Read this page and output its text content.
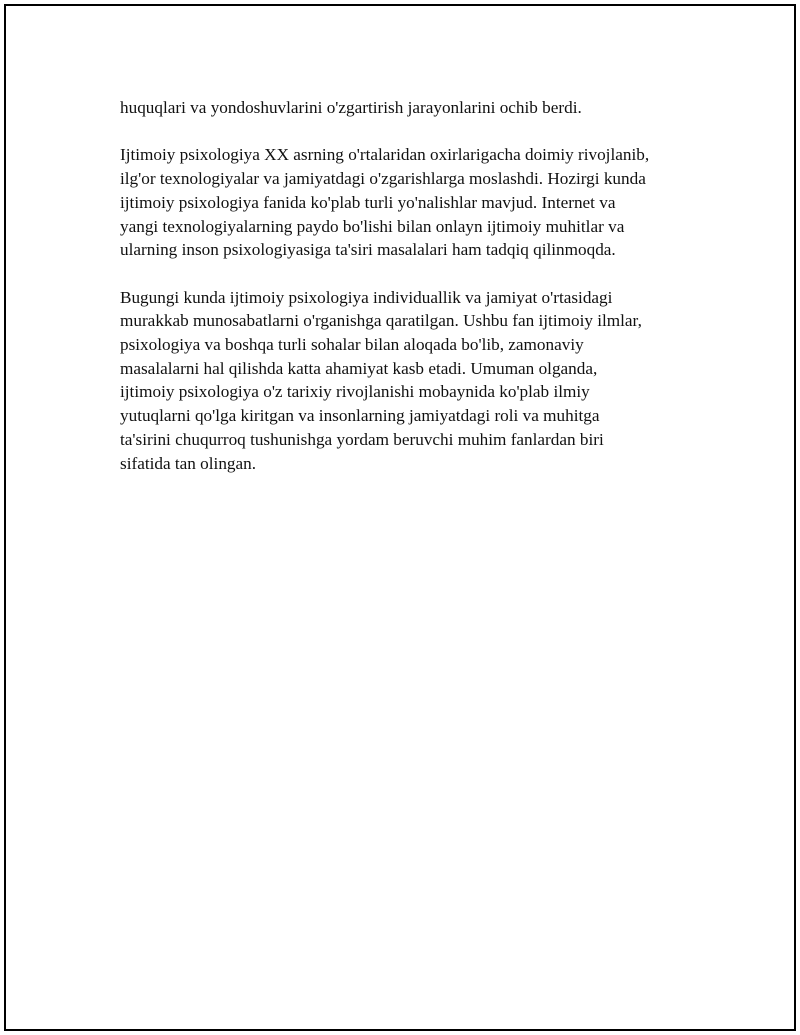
huquqlari va yondoshuvlarini o'zgartirish jarayonlarini ochib berdi.

Ijtimoiy psixologiya XX asrning o'rtalaridan oxirlarigacha doimiy rivojlanib,
ilg'or texnologiyalar va jamiyatdagi o'zgarishlarga moslashdi. Hozirgi kunda
ijtimoiy psixologiya fanida ko'plab turli yo'nalishlar mavjud. Internet va
yangi texnologiyalarning paydo bo'lishi bilan onlayn ijtimoiy muhitlar va
ularning inson psixologiyasiga ta'siri masalalari ham tadqiq qilinmoqda.

Bugungi kunda ijtimoiy psixologiya individuallik va jamiyat o'rtasidagi
murakkab munosabatlarni o'rganishga qaratilgan. Ushbu fan ijtimoiy ilmlar,
psixologiya va boshqa turli sohalar bilan aloqada bo'lib, zamonaviy
masalalarni hal qilishda katta ahamiyat kasb etadi. Umuman olganda,
ijtimoiy psixologiya o'z tarixiy rivojlanishi mobaynida ko'plab ilmiy
yutuqlarni qo'lga kiritgan va insonlarning jamiyatdagi roli va muhitga
ta'sirini chuqurroq tushunishga yordam beruvchi muhim fanlardan biri
sifatida tan olingan.
